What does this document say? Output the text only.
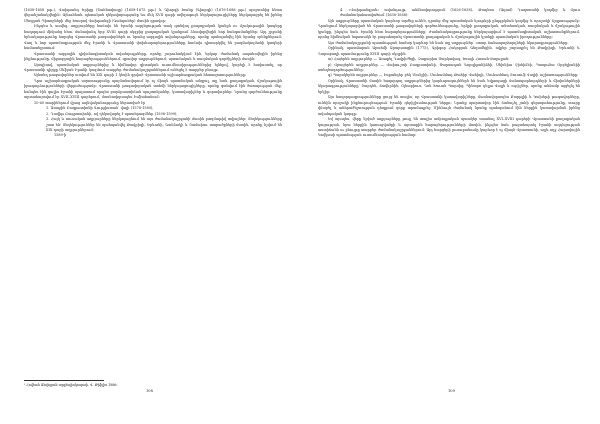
(1638-1658 թթ.), Վախթանգ Երիցը (Շահնավազը) (1658-1675 թթ.) և Գիորգի Խանը (Գիորգի) (1676-1688 թթ.) պաշտոնից հետո վերանշանակվեցին։ Այնուհետև պետական ղեկավարությանը ևս մեկ XVII դարի ավելագույն ներկայացուցիչները ներկայացրել են իրենց Մեռքյան Պիտորների մեջ Խոսրով Վախթանգի (Գանդաներ) մասին գրավոր։

Ինչպես և ասվեց, աղբյուրները հաճախ են Իրանի ազդեցության տակ գտնվող քաղաքական կյանքն ու մշակութային կապերը հաղորդում միմյանց հետ, մանավանդ երբ XVIII դարի սկզբից քաղաքական կյանքում ձևավորվեցին նոր հանգամանքներ։ Այդ շրջանի երևակայությունը հարգեց Վրաստանի թագավորներն ու նրանց ազգային ավանդույթները, որոնք պահպանվել էին նրանց օրենքներում։ Վաղ և նոր պատմագրության մեջ Իրանի և Վրաստանի փոխհարաբերությունները հաճախ դիտարկվել են բազմակողմանի կապերի համատեքստում։

Վրաստանի ազգային դիվանագիտական ավանդույթները, որոնք շարունակվում էին, երկար ժամանակ ապահովեցին իրենց ինքնությունը, միջազգային հարաբերություններում, գրավոր աղբյուրներում, պատմական և ռազմական գործիչների մասին։

Այսպիսով, պատմական աղբյուրներից և հիմնավոր գիտական ուսումնասիրություններից ելնելով, կարելի է հավաստել, որ Վրաստանի դիրքը Սեֆյան Իրանի կազմում տարբեր ժամանակաշրջաններում ունեցել է տարբեր բնույթ։

Այնտեղ թագավորներ ասվում են XIX դարի 1 կեսին գրված Վրաստանի աշխարհագրական հետազոտությունները։

Դրա աշխարհագրական ազատությունը պայմանավորում էր ոչ միայն պատմական անցյալ, այլ նաև քաղաքական, մշակութային իրադարձությունների վերլուծությամբ։ Վրաստանի թագավորական տոհմի ներկայացուցիչները, որոնք գտնվում էին ծառայության մեջ, հանդես էին գալիս Իրանի պալատում որպես բարձրաստիճան պաշտոնյաներ, կառավարիչներ և զորավարներ։ Նրանց գործունեությունը արտահայտվում էր XVII–XVIII դարերում, մասնավորապես Իսֆահանում։

10-60 տարիներում վրաց ազնվականությունը ներառված էր

1. Առաջին Բագրատիոնի Գուրջիստան՝ վալի (1578-1580),

2. Դավիթ Բագրատիոնի, ով ղեկավարել է պատերազմներ (1598-1599),

3. Հայկ և ռուսական աղբյուրները ներկայացնում են այս ժամանակաշրջանի մասին բազմաթիվ տվյալներ։ Տեղեկությունները շատ են։ Տեղեկություններ են պահպանվել Թավրիզի, Երևանի, Գանձակի և Շամախու տարածքների մասին, որոնք նշվում են XIX դարի աղբյուրներում։

1589-ի

¹ Հովհան Ճեղեցյան արքեպիսկոպոսի, Վ. Թիֆլիս 1886։

108

4. «Վախթանգյան» ավանդույթ, անձնավորություն (1626-1638), Թադեոս (Ադամ) Դաղստանի կողմից և մյուս ժամանակահատվածում (1638-1658)։

Այն աղբյուրները պատմական կարևոր արժեք ունեն, դրանց մեջ պատմական նյութերի ընդգրկման կողմից և որոշակի ճշգրտությամբ։ Դրանցում ներկայացված են Վրաստանի թագավորների գործունեությունը, երկրի քաղաքական, տնտեսական, ռազմական և մշակութային կյանքը, ինչպես նաև Իրանի հետ հարաբերությունները։ Ժամանակագրությունը ներկայացվում է պատմագիտական աշխատանքներում, որոնց հիմնական նպատակն էր բացահայտել Վրաստանի քաղաքական և մշակութային կյանքի պատմական իրողությունները։

Այս ժամանակաշրջանի պատմության համար կարևոր են նաև այլ աղբյուրներ՝ օտար ճանապարհորդների նկարագրությունները։

Օրինակ, պատմաբան Արտեմի Արարատցին (1775), Գրիգոր Հակոբյան Գեղամեցին, ովքեր շարադրել են Թավրիզի, Երևանի և Ղարաբաղի պատմությունը XVIII դարի սկզբին։

ա) Հայերեն աղբյուրներ — Առաքել Դավրիժեցի, Զաքարիա Սարկավագ, Եսայի Հասան-Ջալալյան։

բ) Վրացերեն աղբյուրներ — Վախուշտի Բագրատիոնի, Փարսադան Գորգիջանիձեի, Սեխնիա Չխեիձեի, Պապունա Օրբելիանիի ստեղծագործություններ։

գ) Պարսկերեն աղբյուրներ — Իսքանդեր բեկ Մունշիի, Մուհամմադ Թահիր Վահիդի, Մուհամմադ Յուսուֆ Վալիի աշխատությունները։

Օրինակ, Վրաստանի մասին հաղորդող աղբյուրներից կարևորագույններն են նաև եվրոպացի ճանապարհորդների և միսիոներների նկարագրությունները՝ Շարդեն, Տավերնիե, Օլեարիուս, Դոն Խուան Պարսից, Պիետրո դելլա Վալլե և ուրիշներ, որոնք անձամբ այցելել են երկիր։

Այս հաղորդագրությունները ցույց են տալիս, որ Վրաստանի կառավարիչները, մասնավորապես Քարթլիի և Կախեթի թագավորները, ունեին որոշակի ինքնուրույնություն Իրանի գերիշխանության ներքո։ Նրանք պարտավոր էին ճանաչել շահի գերագահությունը, տուրք վճարել և անհրաժեշտության դեպքում զորք տրամադրել։ Միևնույն ժամանակ նրանք պահպանում էին ներքին կառավարման իրենց ավանդական կարգը։

Եվ այսպես, վերը նշված աղբյուրները թույլ են տալիս ամբողջական պատկեր ստանալ XVI–XVIII դարերի Վրաստանի քաղաքական կացության, նրա ներքին կառուցվածքի և արտաքին հարաբերությունների մասին, ինչպես նաև բացահայտել Իրանի ազդեցության աստիճանն ու բնույթը տարբեր ժամանակաշրջաններում։ Այդ հարցերի լուսաբանումը կարևոր է ոչ միայն Վրաստանի, այլև ողջ Հարավային Կովկասի պատմության ուսումնասիրության համար։

109
